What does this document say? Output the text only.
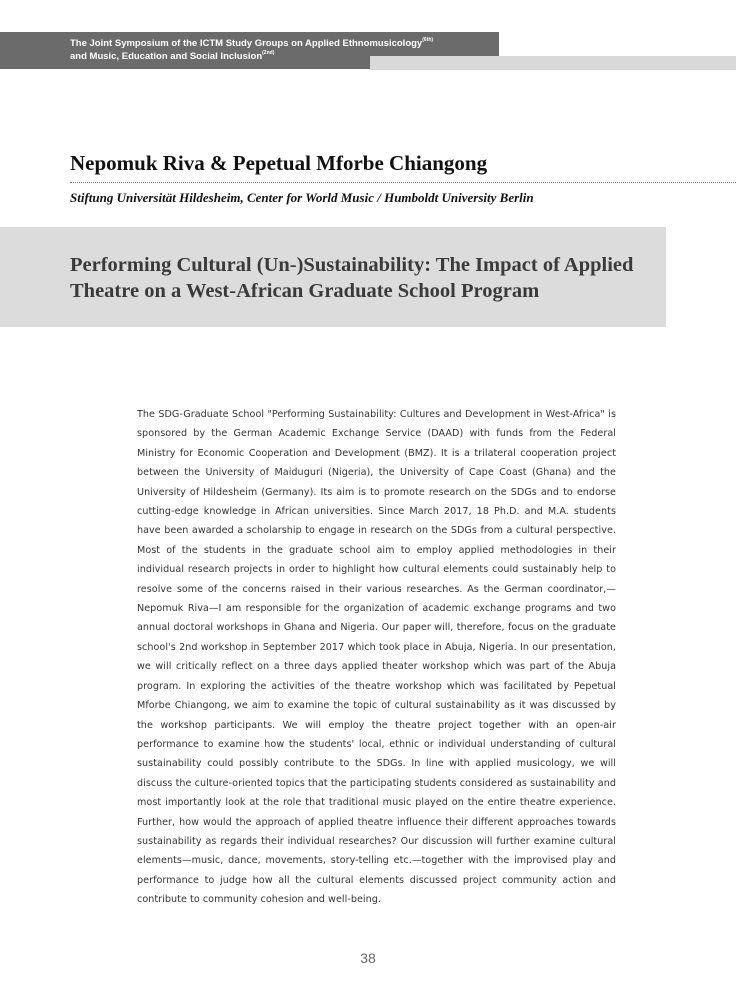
The Joint Symposium of the ICTM Study Groups on Applied Ethnomusicology$^{(6th)}$
and Music, Education and Social Inclusion$^{(2nd)}$
Nepomuk Riva & Pepetual Mforbe Chiangong
Stiftung Universität Hildesheim, Center for World Music / Humboldt University Berlin
Performing Cultural (Un-)Sustainability: The Impact of Applied Theatre on a West-African Graduate School Program

The SDG-Graduate School "Performing Sustainability: Cultures and Development in West-Africa" is sponsored by the German Academic Exchange Service (DAAD) with funds from the Federal Ministry for Economic Cooperation and Development (BMZ). It is a trilateral cooperation project between the University of Maiduguri (Nigeria), the University of Cape Coast (Ghana) and the University of Hildesheim (Germany). Its aim is to promote research on the SDGs and to endorse cutting-edge knowledge in African universities. Since March 2017, 18 Ph.D. and M.A. students have been awarded a scholarship to engage in research on the SDGs from a cultural perspective. Most of the students in the graduate school aim to employ applied methodologies in their individual research projects in order to highlight how cultural elements could sustainably help to resolve some of the concerns raised in their various researches. As the German coordinator,—Nepomuk Riva—I am responsible for the organization of academic exchange programs and two annual doctoral workshops in Ghana and Nigeria. Our paper will, therefore, focus on the graduate school's 2nd workshop in September 2017 which took place in Abuja, Nigeria. In our presentation, we will critically reflect on a three days applied theater workshop which was part of the Abuja program. In exploring the activities of the theatre workshop which was facilitated by Pepetual Mforbe Chiangong, we aim to examine the topic of cultural sustainability as it was discussed by the workshop participants. We will employ the theatre project together with an open-air performance to examine how the students' local, ethnic or individual understanding of cultural sustainability could possibly contribute to the SDGs. In line with applied musicology, we will discuss the culture-oriented topics that the participating students considered as sustainability and most importantly look at the role that traditional music played on the entire theatre experience. Further, how would the approach of applied theatre influence their different approaches towards sustainability as regards their individual researches? Our discussion will further examine cultural elements—music, dance, movements, story-telling etc.—together with the improvised play and performance to judge how all the cultural elements discussed project community action and contribute to community cohesion and well-being.

38
